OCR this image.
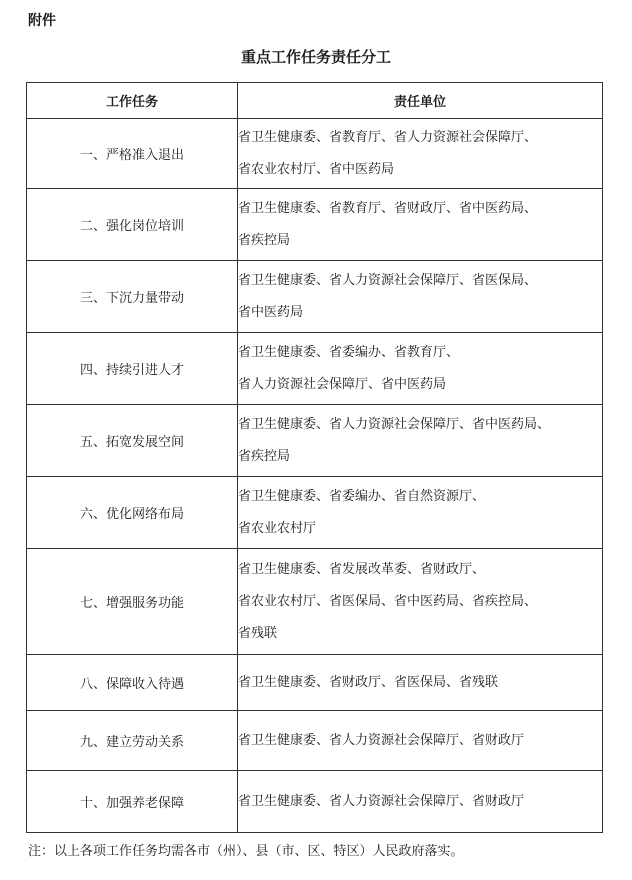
附件
重点工作任务责任分工
工作任务	责任单位
一、严格准入退出	省卫生健康委、省教育厅、省人力资源社会保障厅、
省农业农村厅、省中医药局

二、强化岗位培训	省卫生健康委、省教育厅、省财政厅、省中医药局、
省疾控局

三、下沉力量带动	省卫生健康委、省人力资源社会保障厅、省医保局、
省中医药局

四、持续引进人才	省卫生健康委、省委编办、省教育厅、
省人力资源社会保障厅、省中医药局

五、拓宽发展空间	省卫生健康委、省人力资源社会保障厅、省中医药局、
省疾控局

六、优化网络布局	省卫生健康委、省委编办、省自然资源厅、
省农业农村厅

七、增强服务功能	省卫生健康委、省发展改革委、省财政厅、
省农业农村厅、省医保局、省中医药局、省疾控局、
省残联

八、保障收入待遇	省卫生健康委、省财政厅、省医保局、省残联

九、建立劳动关系	省卫生健康委、省人力资源社会保障厅、省财政厅

十、加强养老保障	省卫生健康委、省人力资源社会保障厅、省财政厅
注：以上各项工作任务均需各市（州）、县（市、区、特区）人民政府落实。
